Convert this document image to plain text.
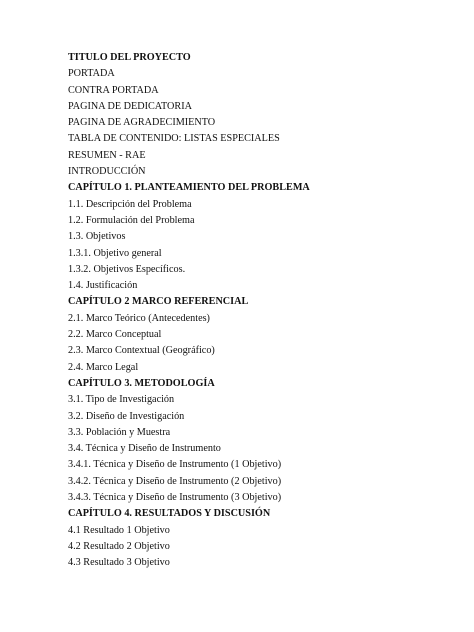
TITULO DEL PROYECTO
PORTADA
CONTRA PORTADA
PAGINA DE DEDICATORIA
PAGINA DE AGRADECIMIENTO
TABLA DE CONTENIDO: LISTAS ESPECIALES
RESUMEN - RAE
INTRODUCCIÓN
CAPÍTULO 1. PLANTEAMIENTO DEL PROBLEMA
1.1. Descripción del Problema
1.2. Formulación del Problema
1.3. Objetivos
1.3.1. Objetivo general
1.3.2. Objetivos Específicos.
1.4. Justificación
CAPÍTULO 2 MARCO REFERENCIAL
2.1. Marco Teórico (Antecedentes)
2.2. Marco Conceptual
2.3. Marco Contextual (Geográfico)
2.4. Marco Legal
CAPÍTULO 3. METODOLOGÍA
3.1. Tipo de Investigación
3.2. Diseño de Investigación
3.3. Población y Muestra
3.4. Técnica y Diseño de Instrumento
3.4.1. Técnica y Diseño de Instrumento (1 Objetivo)
3.4.2. Técnica y Diseño de Instrumento (2 Objetivo)
3.4.3. Técnica y Diseño de Instrumento (3 Objetivo)
CAPÍTULO 4. RESULTADOS Y DISCUSIÓN
4.1 Resultado 1 Objetivo
4.2 Resultado 2 Objetivo
4.3 Resultado 3 Objetivo
